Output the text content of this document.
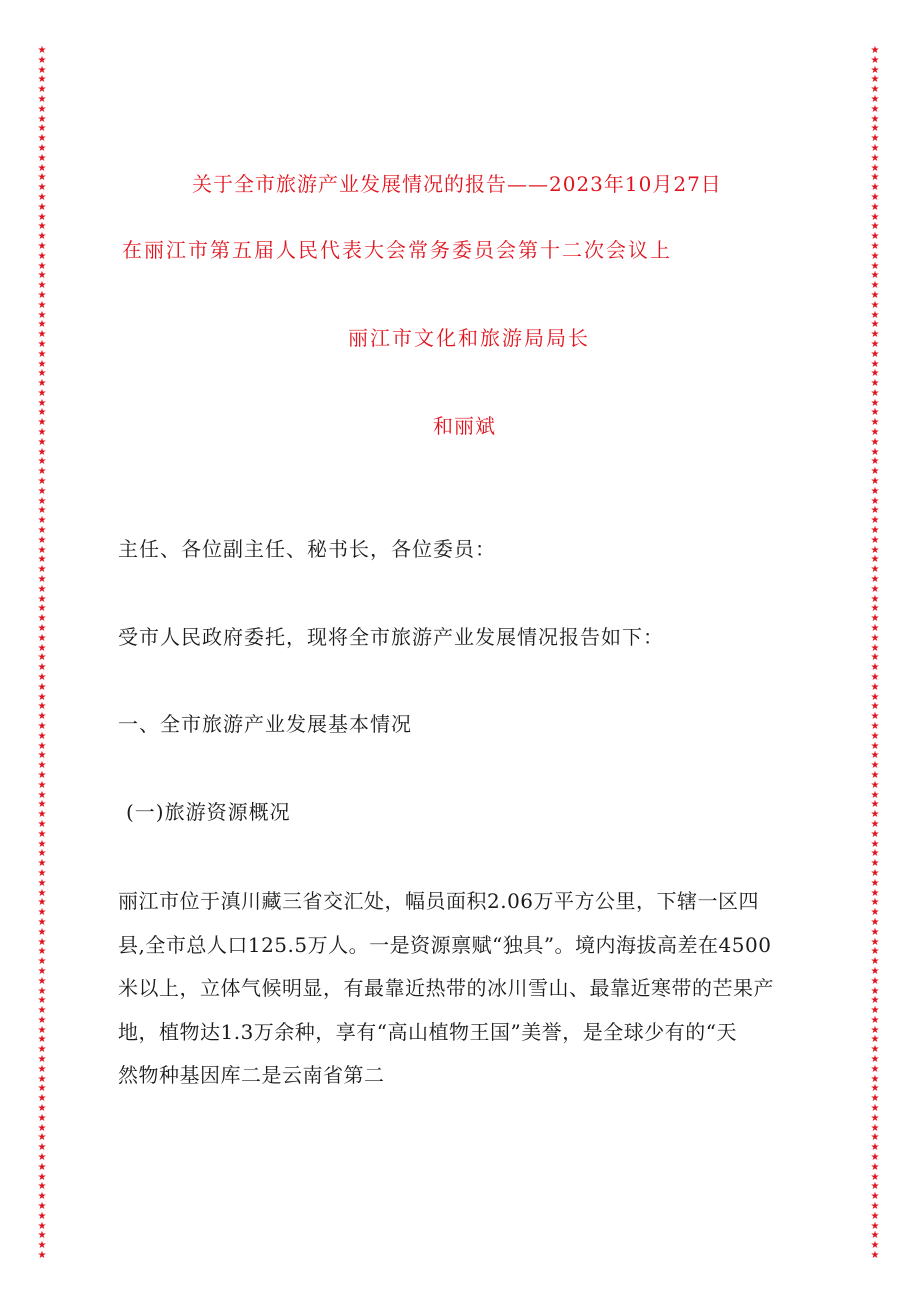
★
★
★
★
★
★
★
★
★
★
★
★
★
★
★
★
★
★
★
★
★
★
★
★
★
★
★
★
★
★
★
★
★
★
★
★
★
★
★
★
★
★
★
★
★
★
★
★
★
★
★
★
★
★
★
★
★
★
★
★
★
★
★
★
★
★
★
★
★
★
★
★
★
★
★
★
★
★
★
★
★
★
★
★
★
★
★
★
★
★
★
★
★
★
★
★
★
★
★
★
★
★
★
★
★
★
★
★
★
★
★
★
★
★
★
★
★
★
★
★
★
★
★
★
★
★
★
★
★
★
★
★
★
★
★
★
★
★
★
★
★
★
★
★
★
★
★
★
★
★
★
★
★
★
★
★
★
★
★
★
★
★
★
★
★
★
★
★
★
★
★
★
★
★
★
★
★
★
★
★
★
★
★
★
★
★
★
★
★
★
★
★
★
★
★
★
★
★
★
★
★
★
★
★
★
★
★
★
★
★
★
★
★
★
★
★
★
★
★
★
★
★
★
★
★
★
★
★
★
★
★
★
★
★
★
★
★
★
★
★
★
★
★
★
★
★
★
★
关于全市旅游产业发展情况的报告——2023年10月27日
在丽江市第五届人民代表大会常务委员会第十二次会议上
丽江市文化和旅游局局长
和丽斌
主任、各位副主任、秘书长，各位委员：
受市人民政府委托，现将全市旅游产业发展情况报告如下：
一、全市旅游产业发展基本情况
(一)旅游资源概况
丽江市位于滇川藏三省交汇处，幅员面积2.06万平方公里，下辖一区四
县,全市总人口125.5万人。一是资源禀赋“独具”。境内海拔高差在4500
米以上，立体气候明显，有最靠近热带的冰川雪山、最靠近寒带的芒果产
地，植物达1.3万余种，享有“高山植物王国”美誉，是全球少有的“天
然物种基因库二是云南省第二
